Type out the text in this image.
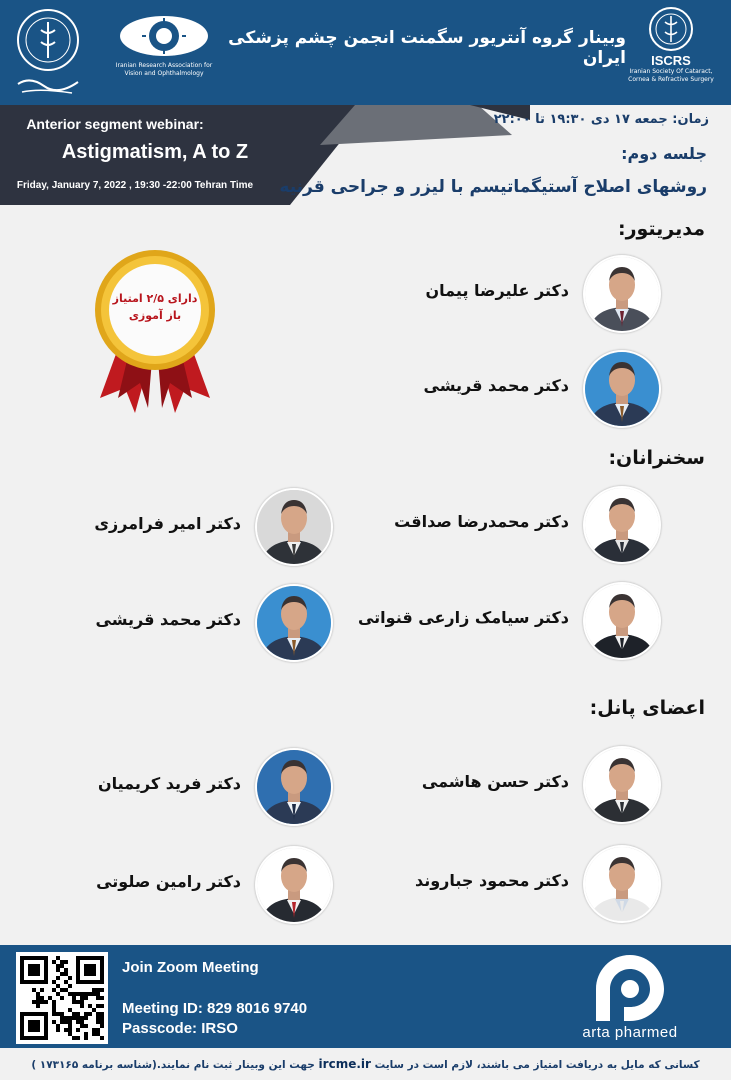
Iranian Research Association for Vision and Ophthalmology
وبینار گروه آنتریور سگمنت انجمن چشم پزشکی ایران	ISCRS
Iranian Society Of Cataract, Cornea & Refractive Surgery
Anterior segment webinar:
Astigmatism, A to Z
Friday, January 7, 2022 , 19:30 -22:00 Tehran Time
زمان: جمعه ۱۷ دی ۱۹:۳۰ تا ۲۲:۰۰
جلسه دوم:
روشهای اصلاح آستیگماتیسم با لیزر و جراحی قرنیه
دارای ۲/۵ امتیاز
باز آموزی
مدیریتور:
سخنرانان:
اعضای پانل:
دکتر علیرضا پیمان
دکتر محمد قریشی
دکتر محمدرضا صداقت
دکتر امیر فرامرزی
دکتر سیامک زارعی قنواتی
دکتر محمد قریشی
دکتر حسن هاشمی
دکتر فرید کریمیان
دکتر محمود جباروند
دکتر رامین صلوتی
Join Zoom Meeting
Meeting ID: 829 8016 9740
Passcode: IRSO	arta pharmed
کسانی که مایل به دریافت امتیاز می باشند، لازم است در سایت ircme.ir جهت این وبینار ثبت نام نمایند.(شناسه برنامه ۱۷۳۱۶۵ )
